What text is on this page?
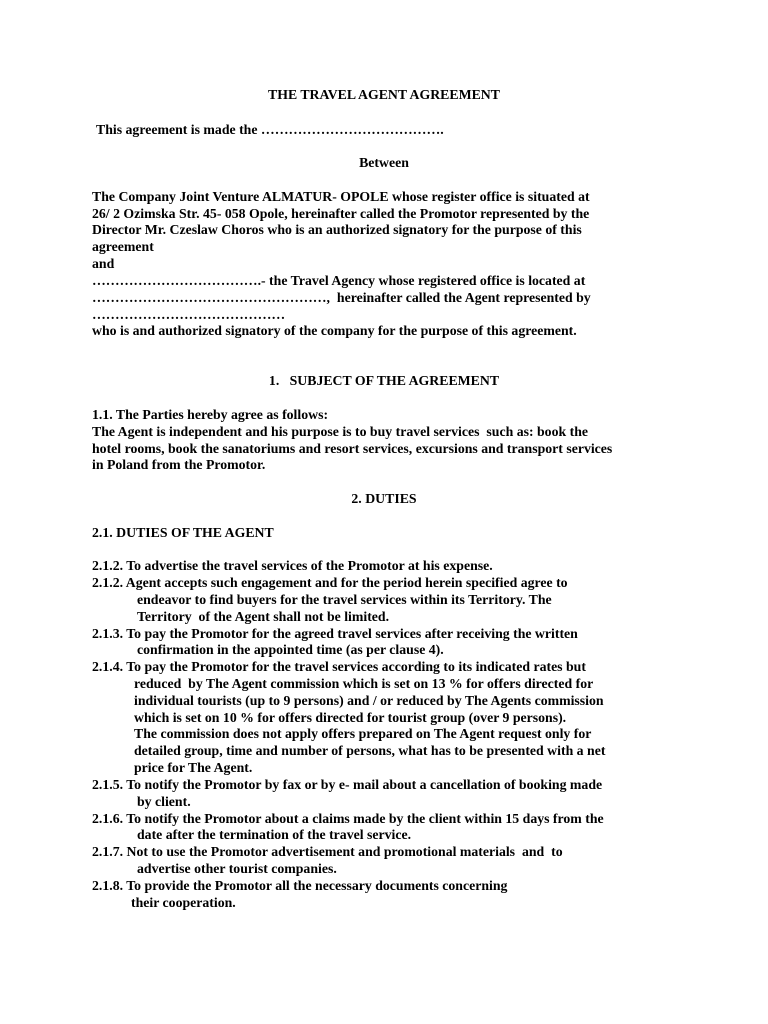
THE TRAVEL AGENT AGREEMENT
This agreement is made the ………………………………….
Between
The Company Joint Venture ALMATUR- OPOLE whose register office is situated at
26/ 2 Ozimska Str. 45- 058 Opole, hereinafter called the Promotor represented by the
Director Mr. Czeslaw Choros who is an authorized signatory for the purpose of this
agreement
and
……………………………….- the Travel Agency whose registered office is located at
……………………………………………,  hereinafter called the Agent represented by
……………………………………
who is and authorized signatory of the company for the purpose of this agreement.
1.   SUBJECT OF THE AGREEMENT
1.1. The Parties hereby agree as follows:
The Agent is independent and his purpose is to buy travel services  such as: book the
hotel rooms, book the sanatoriums and resort services, excursions and transport services
in Poland from the Promotor.
2. DUTIES
2.1. DUTIES OF THE AGENT
2.1.2. To advertise the travel services of the Promotor at his expense.
2.1.2. Agent accepts such engagement and for the period herein specified agree to
endeavor to find buyers for the travel services within its Territory. The
Territory  of the Agent shall not be limited.
2.1.3. To pay the Promotor for the agreed travel services after receiving the written
confirmation in the appointed time (as per clause 4).
2.1.4. To pay the Promotor for the travel services according to its indicated rates but
reduced  by The Agent commission which is set on 13 % for offers directed for
individual tourists (up to 9 persons) and / or reduced by The Agents commission
which is set on 10 % for offers directed for tourist group (over 9 persons).
The commission does not apply offers prepared on The Agent request only for
detailed group, time and number of persons, what has to be presented with a net
price for The Agent.
2.1.5. To notify the Promotor by fax or by e- mail about a cancellation of booking made
by client.
2.1.6. To notify the Promotor about a claims made by the client within 15 days from the
date after the termination of the travel service.
2.1.7. Not to use the Promotor advertisement and promotional materials  and  to
advertise other tourist companies.
2.1.8. To provide the Promotor all the necessary documents concerning
their cooperation.
